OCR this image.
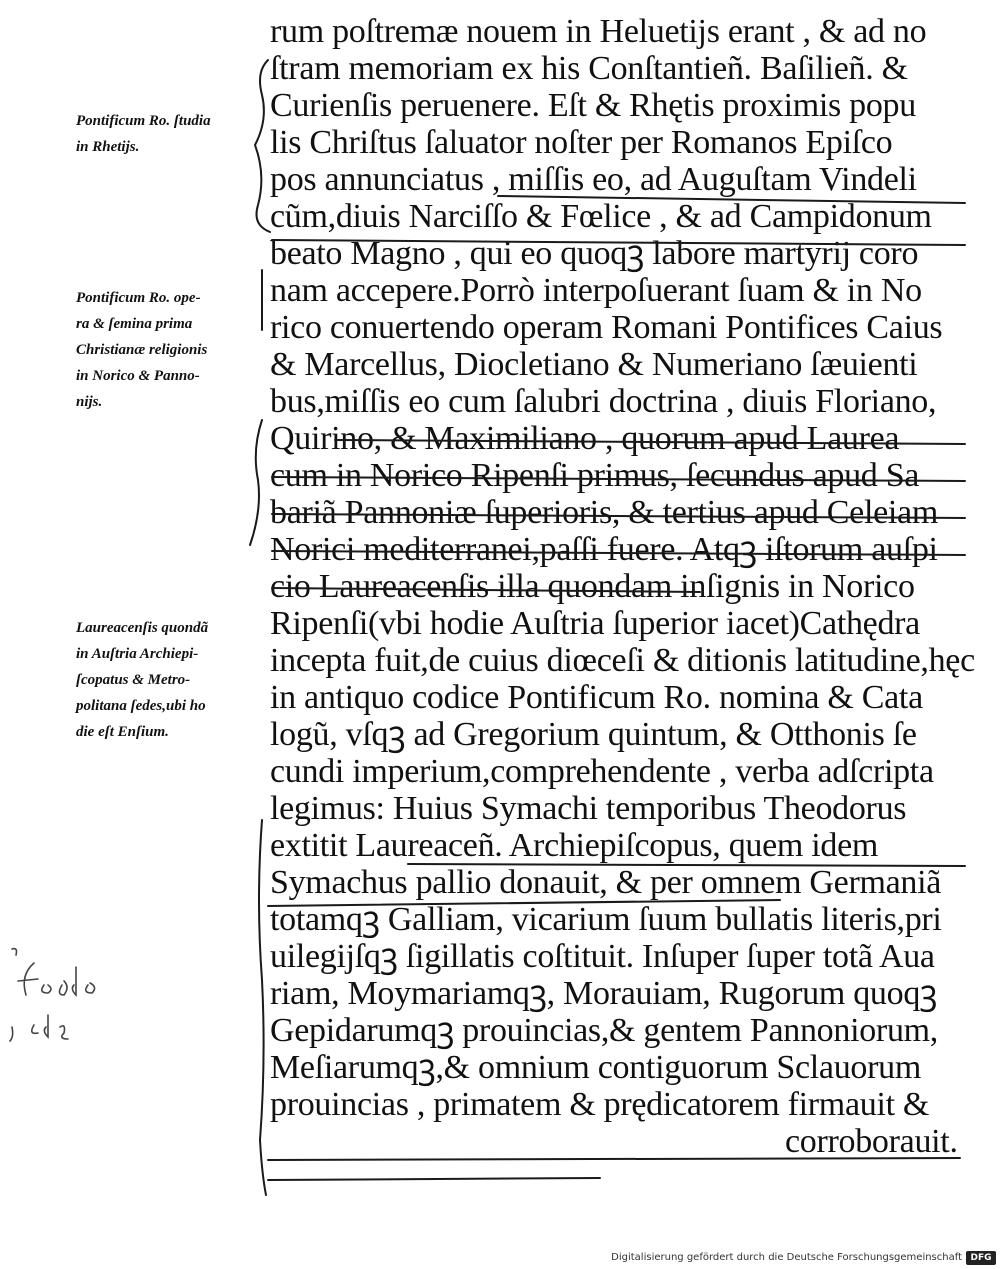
rum poſtremæ nouem in Heluetijs erant , & ad no
ſtram memoriam ex his Conſtantieñ. Baſilieñ. &
Curienſis peruenere. Eſt & Rhętis proximis popu
lis Chriſtus ſaluator noſter per Romanos Epiſco
pos annunciatus , miſſis eo, ad Auguſtam Vindeli
cũm,diuis Narciſſo & Fœlice , & ad Campidonum
beato Magno , qui eo quoqꝫ labore martyrij coro
nam accepere.Porrò interpoſuerant ſuam & in No
rico conuertendo operam Romani Pontifices Caius
& Marcellus, Diocletiano & Numeriano ſæuienti
bus,miſſis eo cum ſalubri doctrina , diuis Floriano,
Quirino, & Maximiliano , quorum apud Laurea
cum in Norico Ripenſi primus, ſecundus apud Sa
bariã Pannoniæ ſuperioris, & tertius apud Celeiam
Norici mediterranei,paſſi fuere. Atqꝫ iſtorum auſpi
cio Laureacenſis illa quondam inſignis in Norico
Ripenſi(vbi hodie Auſtria ſuperior iacet)Cathędra
incepta fuit,de cuius diœceſi & ditionis latitudine,hęc
in antiquo codice Pontificum Ro. nomina & Cata
logũ, vſqꝫ ad Gregorium quintum, & Otthonis ſe
cundi imperium,comprehendente , verba adſcripta
legimus: Huius Symachi temporibus Theodorus
extitit Laureaceñ. Archiepiſcopus, quem idem
Symachus pallio donauit, & per omnem Germaniã
totamqꝫ Galliam, vicarium ſuum bullatis literis,pri
uilegijſqꝫ ſigillatis coſtituit. Inſuper ſuper totã Aua
riam, Moymariamqꝫ, Morauiam, Rugorum quoqꝫ
Gepidarumqꝫ prouincias,& gentem Pannoniorum,
Meſiarumqꝫ,& omnium contiguorum Sclauorum
prouincias , primatem & prędicatorem firmauit &
corroborauit.
Pontificum Ro. ſtudia
in Rhetijs.
Pontificum Ro. ope-
ra & ſemina prima
Christianæ religionis
in Norico & Panno-
nijs.
Laureacenſis quondã
in Auſtria Archiepi-
ſcopatus & Metro-
politana ſedes,ubi ho
die eſt Enſium.
Digitalisierung gefördert durch die Deutsche Forschungsgemeinschaft DFG
